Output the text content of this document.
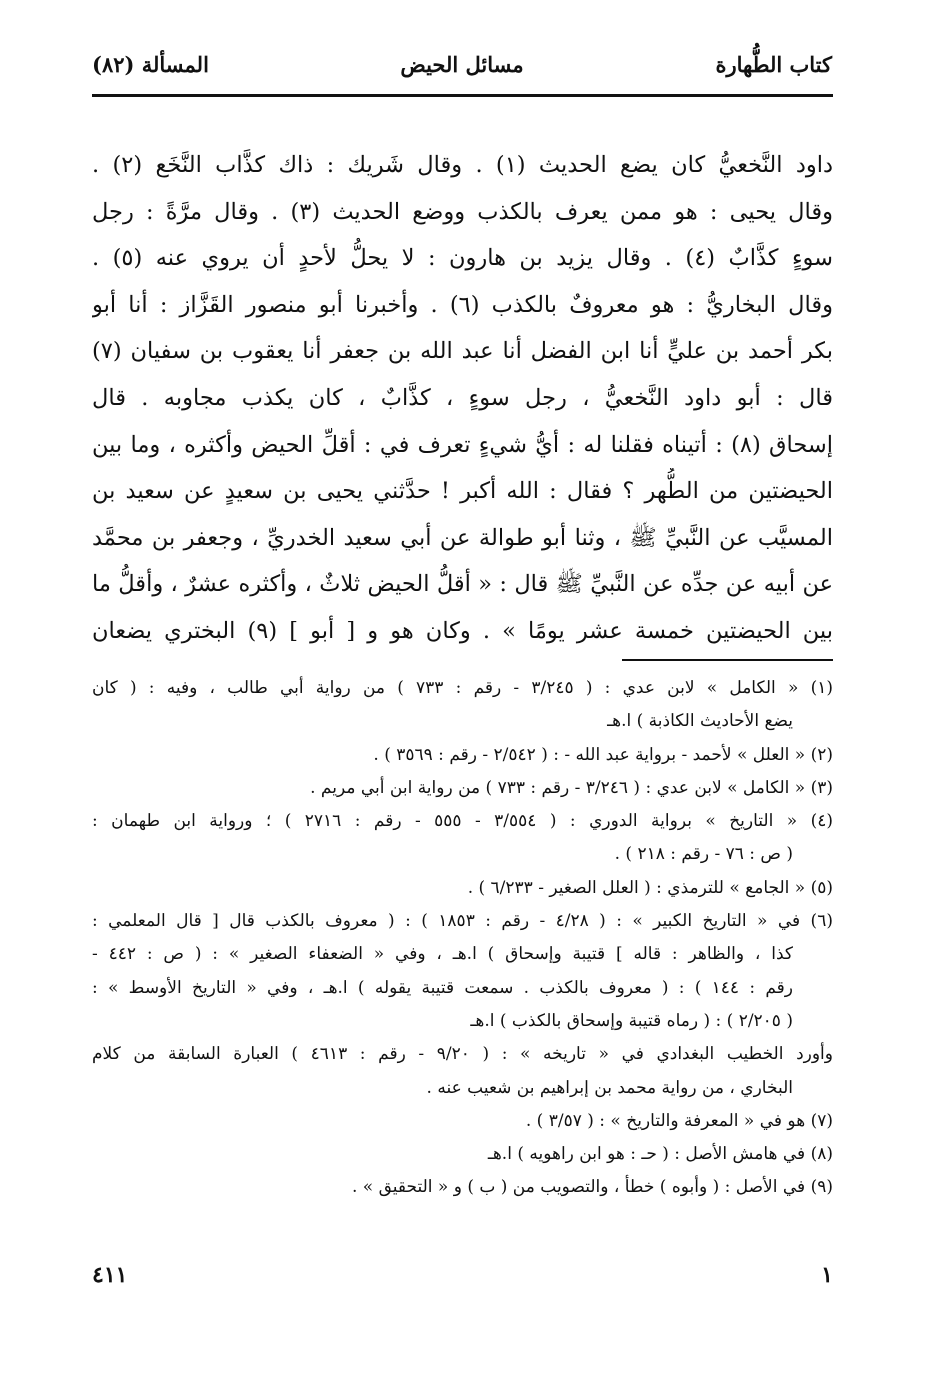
كتاب الطُّهارة
مسائل الحيض
المسألة (٨٢)
داود النَّخعيُّ كان يضع الحديث (١) . وقال شَريك : ذاك كذَّاب النَّخَع (٢) .
وقال يحيى : هو ممن يعرف بالكذب ووضع الحديث (٣) . وقال مرَّةً : رجل
سوءٍ كذَّابٌ (٤) . وقال يزيد بن هارون : لا يحلُّ لأحدٍ أن يروي عنه (٥) .
وقال البخاريُّ : هو معروفٌ بالكذب (٦) . وأخبرنا أبو منصور القَزَّاز : أنا أبو
بكر أحمد بن عليٍّ أنا ابن الفضل أنا عبد الله بن جعفر أنا يعقوب بن سفيان (٧)
قال : أبو داود النَّخعيُّ ، رجل سوءٍ ، كذَّابٌ ، كان يكذب مجاوبه . قال
إسحاق (٨) : أتيناه فقلنا له : أيُّ شيءٍ تعرف في : أقلِّ الحيض وأكثره ، وما بين
الحيضتين من الطُّهر ؟ فقال : الله أكبر ! حدَّثني يحيى بن سعيدٍ عن سعيد بن
المسيَّب عن النَّبيِّ ﷺ ، وثنا أبو طوالة عن أبي سعيد الخدريِّ ، وجعفر بن محمَّد
عن أبيه عن جدِّه عن النَّبيِّ ﷺ قال : « أقلُّ الحيض ثلاثٌ ، وأكثره عشرٌ ، وأقلُّ ما
بين الحيضتين خمسة عشر يومًا » . وكان هو و [ أبو ] (٩) البختري يضعان
(١) « الكامل » لابن عدي : ( ٣/٢٤٥ - رقم : ٧٣٣ ) من رواية أبي طالب ، وفيه : ( كان
يضع الأحاديث الكاذبة ) ا.هـ
(٢) « العلل » لأحمد - برواية عبد الله - : ( ٢/٥٤٢ - رقم : ٣٥٦٩ ) .
(٣) « الكامل » لابن عدي : ( ٣/٢٤٦ - رقم : ٧٣٣ ) من رواية ابن أبي مريم .
(٤) « التاريخ » برواية الدوري : ( ٣/٥٥٤ - ٥٥٥ - رقم : ٢٧١٦ ) ؛ ورواية ابن طهمان :
( ص : ٧٦ - رقم : ٢١٨ ) .
(٥) « الجامع » للترمذي : ( العلل الصغير - ٦/٢٣٣ ) .
(٦) في « التاريخ الكبير » : ( ٤/٢٨ - رقم : ١٨٥٣ ) : ( معروف بالكذب قال [ قال المعلمي :
كذا ، والظاهر : قاله ] قتيبة وإسحاق ) ا.هـ ، وفي « الضعفاء الصغير » : ( ص : ٤٤٢ -
رقم : ١٤٤ ) : ( معروف بالكذب . سمعت قتيبة يقوله ) ا.هـ ، وفي « التاريخ الأوسط » :
( ٢/٢٠٥ ) : ( رماه قتيبة وإسحاق بالكذب ) ا.هـ
وأورد الخطيب البغدادي في « تاريخه » : ( ٩/٢٠ - رقم : ٤٦١٣ ) العبارة السابقة من كلام
البخاري ، من رواية محمد بن إبراهيم بن شعيب عنه .
(٧) هو في « المعرفة والتاريخ » : ( ٣/٥٧ ) .
(٨) في هامش الأصل : ( حـ : هو ابن راهويه ) ا.هـ
(٩) في الأصل : ( وأبوه ) خطأ ، والتصويب من ( ب ) و « التحقيق » .
١
٤١١
